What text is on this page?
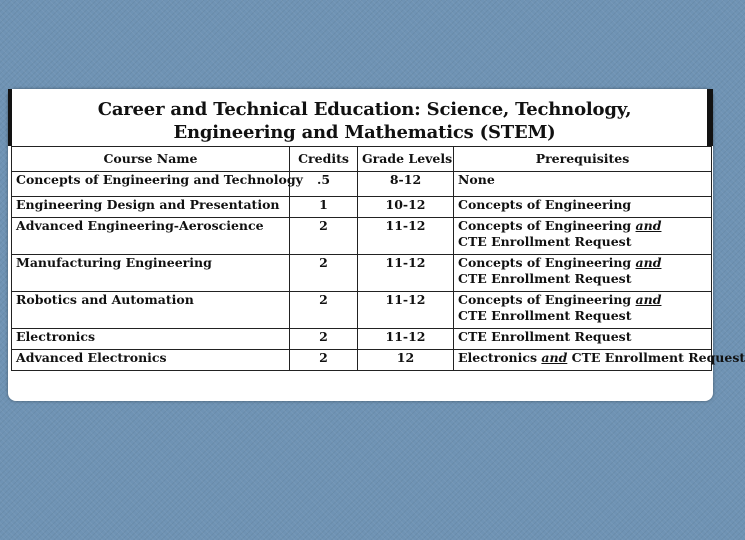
Career and Technical Education: Science, Technology,
Engineering and Mathematics (STEM)
Course Name	Credits	Grade Levels	Prerequisites
Concepts of Engineering and Technology	.5	8-12	None

Engineering Design and Presentation	1	10-12	Concepts of Engineering

Advanced Engineering-Aeroscience	2	11-12	Concepts of Engineering and
CTE Enrollment Request

Manufacturing Engineering	2	11-12	Concepts of Engineering and
CTE Enrollment Request

Robotics and Automation	2	11-12	Concepts of Engineering and
CTE Enrollment Request

Electronics	2	11-12	CTE Enrollment Request

Advanced Electronics	2	12	Electronics and CTE Enrollment Request
